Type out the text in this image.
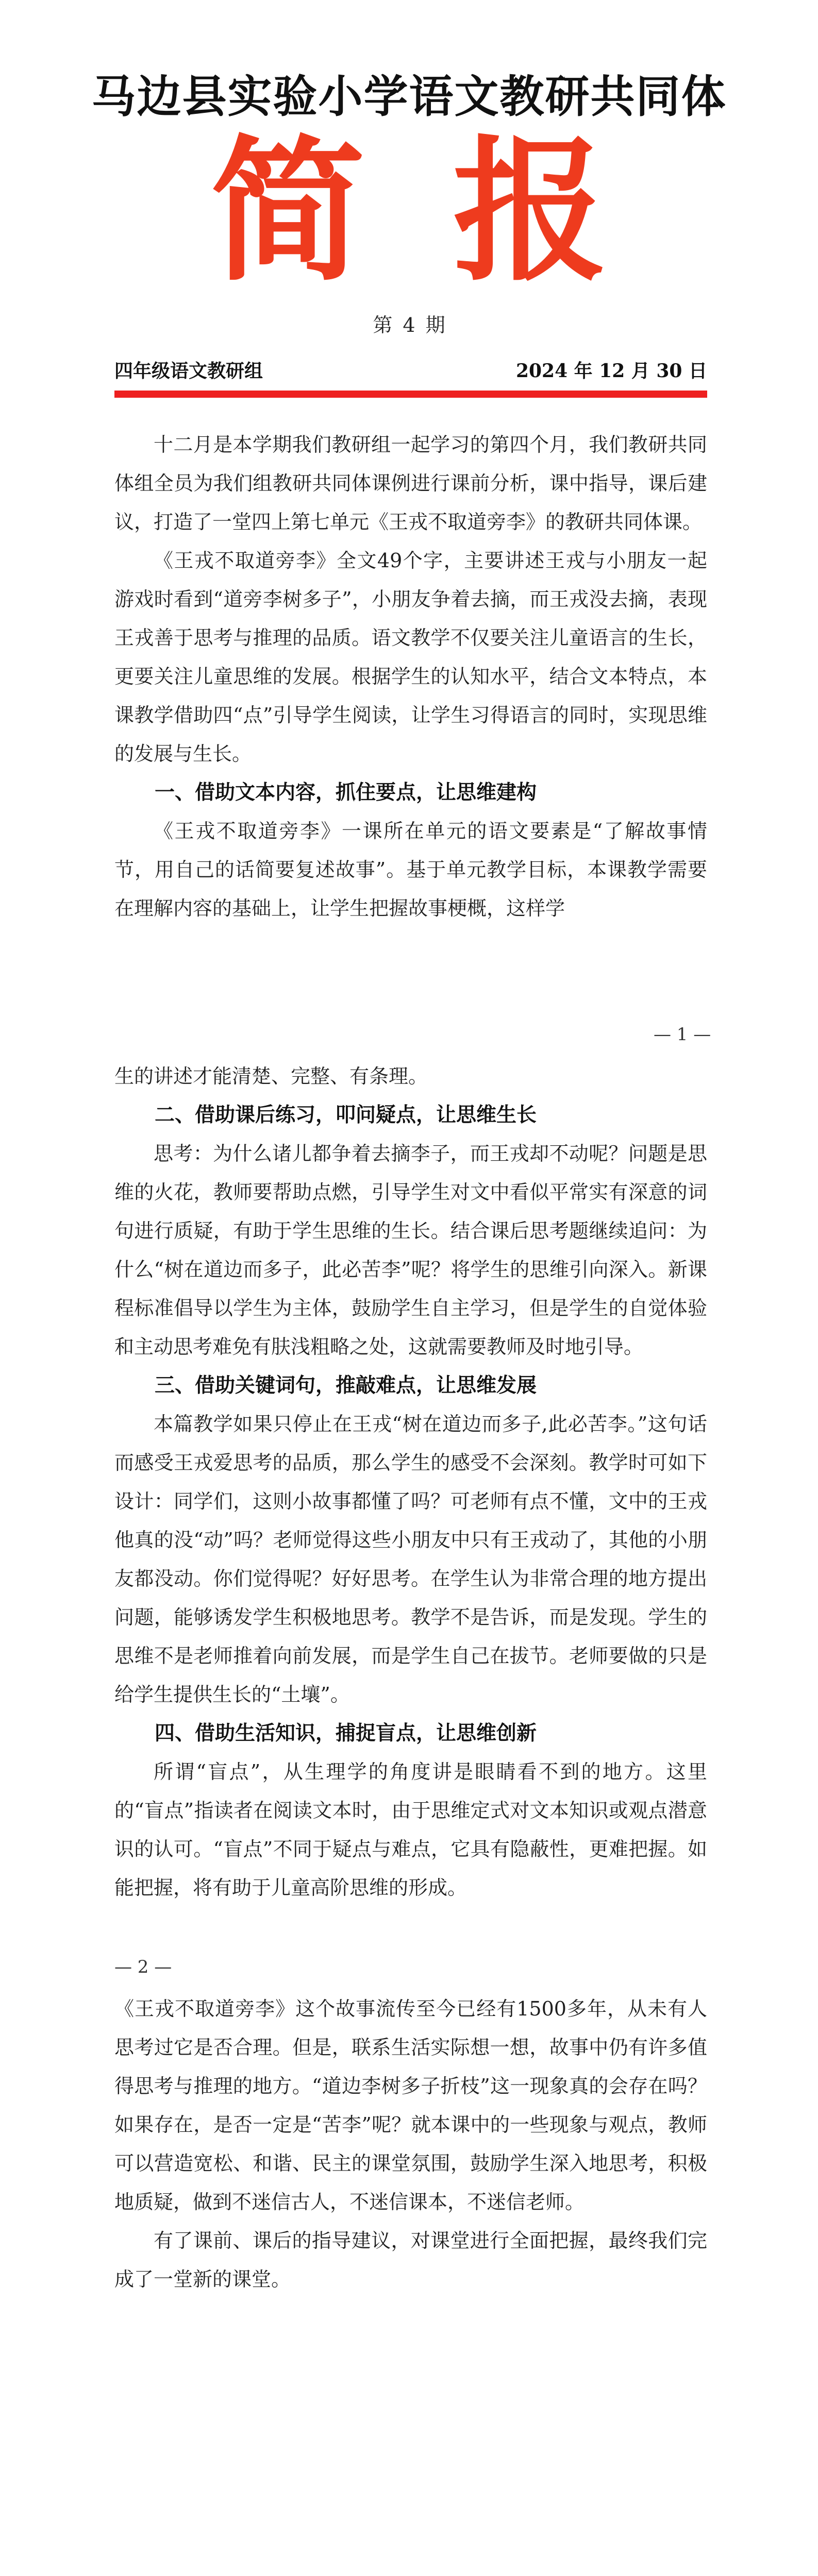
马边县实验小学语文教研共同体
简报
第 4 期
四年级语文教研组	2024 年 12 月 30 日

十二月是本学期我们教研组一起学习的第四个月，我们教研共同体组全员为我们组教研共同体课例进行课前分析，课中指导，课后建议，打造了一堂四上第七单元《王戎不取道旁李》的教研共同体课。

《王戎不取道旁李》全文49个字，主要讲述王戎与小朋友一起游戏时看到“道旁李树多子”，小朋友争着去摘，而王戎没去摘，表现王戎善于思考与推理的品质。语文教学不仅要关注儿童语言的生长，更要关注儿童思维的发展。根据学生的认知水平，结合文本特点，本课教学借助四“点”引导学生阅读，让学生习得语言的同时，实现思维的发展与生长。

一、借助文本内容，抓住要点，让思维建构

《王戎不取道旁李》一课所在单元的语文要素是“了解故事情节，用自己的话简要复述故事”。基于单元教学目标，本课教学需要在理解内容的基础上，让学生把握故事梗概，这样学

— 1 —

生的讲述才能清楚、完整、有条理。

二、借助课后练习，叩问疑点，让思维生长

思考：为什么诸儿都争着去摘李子，而王戎却不动呢？问题是思维的火花，教师要帮助点燃，引导学生对文中看似平常实有深意的词句进行质疑，有助于学生思维的生长。结合课后思考题继续追问：为什么“树在道边而多子，此必苦李”呢？将学生的思维引向深入。新课程标准倡导以学生为主体，鼓励学生自主学习，但是学生的自觉体验和主动思考难免有肤浅粗略之处，这就需要教师及时地引导。

三、借助关键词句，推敲难点，让思维发展

本篇教学如果只停止在王戎“树在道边而多子,此必苦李。”这句话而感受王戎爱思考的品质，那么学生的感受不会深刻。教学时可如下设计：同学们，这则小故事都懂了吗？可老师有点不懂，文中的王戎他真的没“动”吗？老师觉得这些小朋友中只有王戎动了，其他的小朋友都没动。你们觉得呢？好好思考。在学生认为非常合理的地方提出问题，能够诱发学生积极地思考。教学不是告诉，而是发现。学生的思维不是老师推着向前发展，而是学生自己在拔节。老师要做的只是给学生提供生长的“土壤”。

四、借助生活知识，捕捉盲点，让思维创新

所谓“盲点”，从生理学的角度讲是眼睛看不到的地方。这里的“盲点”指读者在阅读文本时，由于思维定式对文本知识或观点潜意识的认可。“盲点”不同于疑点与难点，它具有隐蔽性，更难把握。如能把握，将有助于儿童高阶思维的形成。

— 2 —

《王戎不取道旁李》这个故事流传至今已经有1500多年，从未有人思考过它是否合理。但是，联系生活实际想一想，故事中仍有许多值得思考与推理的地方。“道边李树多子折枝”这一现象真的会存在吗？如果存在，是否一定是“苦李”呢？就本课中的一些现象与观点，教师可以营造宽松、和谐、民主的课堂氛围，鼓励学生深入地思考，积极地质疑，做到不迷信古人，不迷信课本，不迷信老师。

有了课前、课后的指导建议，对课堂进行全面把握，最终我们完成了一堂新的课堂。
